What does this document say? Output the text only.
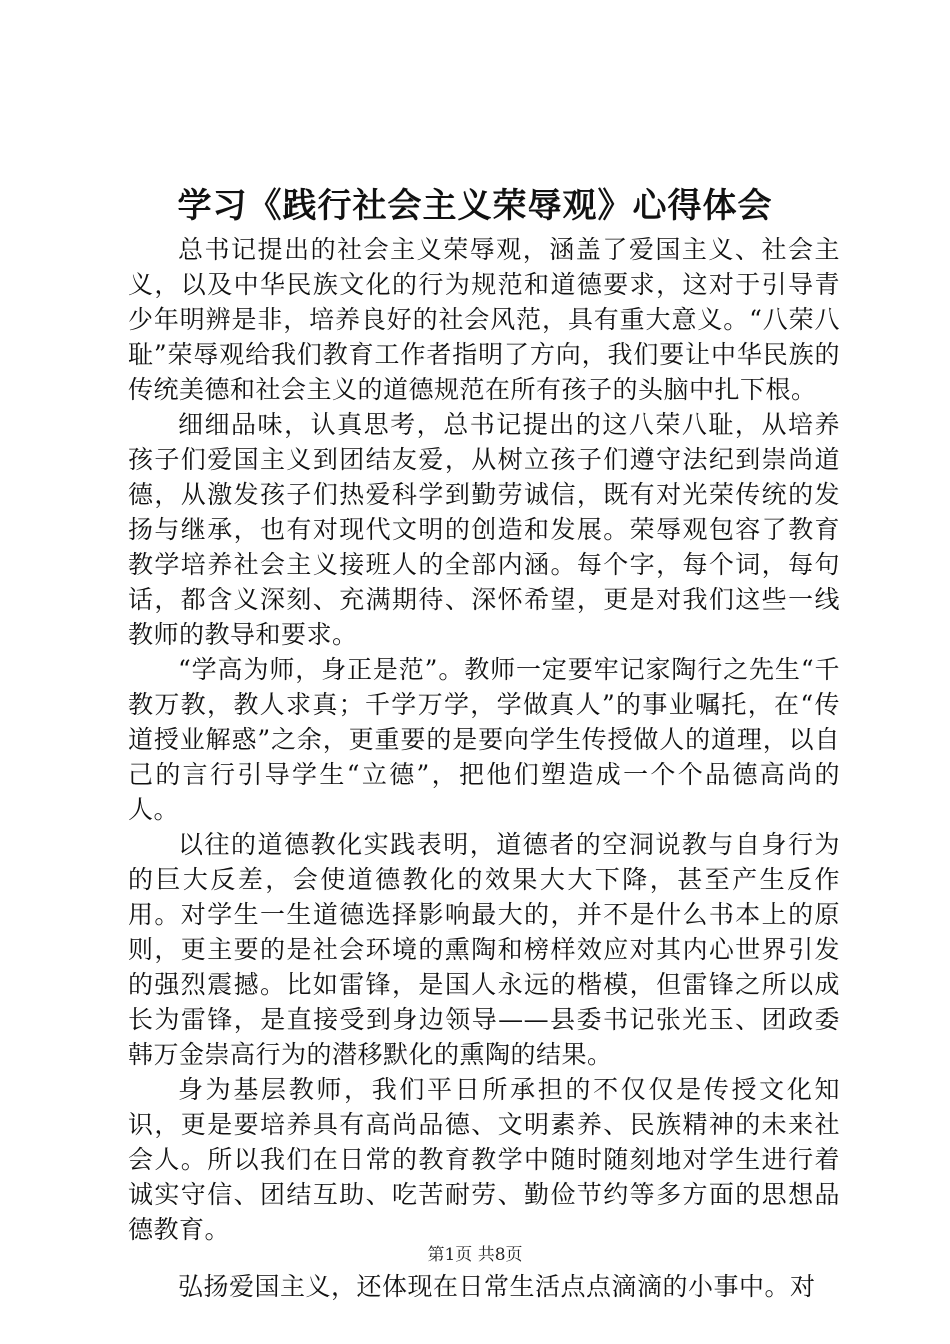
学习《践行社会主义荣辱观》心得体会

总书记提出的社会主义荣辱观，涵盖了爱国主义、社会主义，以及中华民族文化的行为规范和道德要求，这对于引导青少年明辨是非，培养良好的社会风范，具有重大意义。“八荣八耻”荣辱观给我们教育工作者指明了方向，我们要让中华民族的传统美德和社会主义的道德规范在所有孩子的头脑中扎下根。

细细品味，认真思考，总书记提出的这八荣八耻，从培养孩子们爱国主义到团结友爱，从树立孩子们遵守法纪到崇尚道德，从激发孩子们热爱科学到勤劳诚信，既有对光荣传统的发扬与继承，也有对现代文明的创造和发展。荣辱观包容了教育教学培养社会主义接班人的全部内涵。每个字，每个词，每句话，都含义深刻、充满期待、深怀希望，更是对我们这些一线教师的教导和要求。

“学高为师，身正是范”。教师一定要牢记家陶行之先生“千教万教，教人求真；千学万学，学做真人”的事业嘱托，在“传道授业解惑”之余，更重要的是要向学生传授做人的道理，以自己的言行引导学生“立德”，把他们塑造成一个个品德高尚的人。

以往的道德教化实践表明，道德者的空洞说教与自身行为的巨大反差，会使道德教化的效果大大下降，甚至产生反作用。对学生一生道德选择影响最大的，并不是什么书本上的原则，更主要的是社会环境的熏陶和榜样效应对其内心世界引发的强烈震撼。比如雷锋，是国人永远的楷模，但雷锋之所以成长为雷锋，是直接受到身边领导——县委书记张光玉、团政委韩万金崇高行为的潜移默化的熏陶的结果。

身为基层教师，我们平日所承担的不仅仅是传授文化知识，更是要培养具有高尚品德、文明素养、民族精神的未来社会人。所以我们在日常的教育教学中随时随刻地对学生进行着诚实守信、团结互助、吃苦耐劳、勤俭节约等多方面的思想品德教育。

弘扬爱国主义，还体现在日常生活点点滴滴的小事中。对

第1页 共8页
